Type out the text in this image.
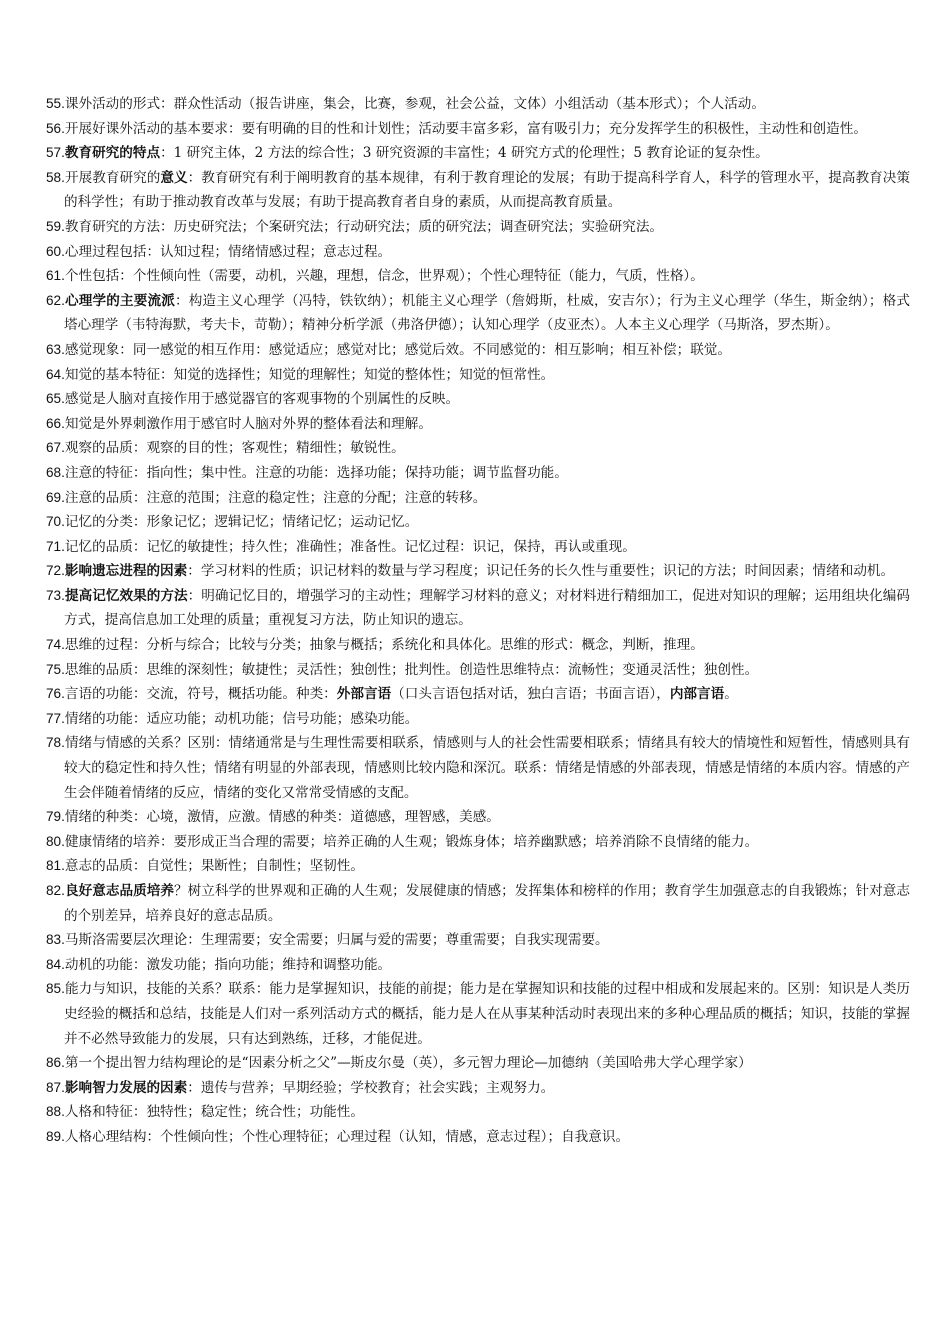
55.课外活动的形式：群众性活动（报告讲座，集会，比赛，参观，社会公益，文体）小组活动（基本形式）；个人活动。

56.开展好课外活动的基本要求：要有明确的目的性和计划性；活动要丰富多彩，富有吸引力；充分发挥学生的积极性，主动性和创造性。

57.教育研究的特点：1 研究主体，2 方法的综合性；3 研究资源的丰富性；4 研究方式的伦理性；5 教育论证的复杂性。

58.开展教育研究的意义：教育研究有利于阐明教育的基本规律，有利于教育理论的发展；有助于提高科学育人，科学的管理水平，提高教育决策的科学性；有助于推动教育改革与发展；有助于提高教育者自身的素质，从而提高教育质量。

59.教育研究的方法：历史研究法；个案研究法；行动研究法；质的研究法；调查研究法；实验研究法。

60.心理过程包括：认知过程；情绪情感过程；意志过程。

61.个性包括：个性倾向性（需要，动机，兴趣，理想，信念，世界观）；个性心理特征（能力，气质，性格）。

62.心理学的主要流派：构造主义心理学（冯特，铁钦纳）；机能主义心理学（詹姆斯，杜威，安吉尔）；行为主义心理学（华生，斯金纳）；格式塔心理学（韦特海默，考夫卡，苛勒）；精神分析学派（弗洛伊德）；认知心理学（皮亚杰）。人本主义心理学（马斯洛，罗杰斯）。

63.感觉现象：同一感觉的相互作用：感觉适应；感觉对比；感觉后效。不同感觉的：相互影响；相互补偿；联觉。

64.知觉的基本特征：知觉的选择性；知觉的理解性；知觉的整体性；知觉的恒常性。

65.感觉是人脑对直接作用于感觉器官的客观事物的个别属性的反映。

66.知觉是外界刺激作用于感官时人脑对外界的整体看法和理解。

67.观察的品质：观察的目的性；客观性；精细性；敏锐性。

68.注意的特征：指向性；集中性。注意的功能：选择功能；保持功能；调节监督功能。

69.注意的品质：注意的范围；注意的稳定性；注意的分配；注意的转移。

70.记忆的分类：形象记忆；逻辑记忆；情绪记忆；运动记忆。

71.记忆的品质：记忆的敏捷性；持久性；准确性；准备性。记忆过程：识记，保持，再认或重现。

72.影响遗忘进程的因素：学习材料的性质；识记材料的数量与学习程度；识记任务的长久性与重要性；识记的方法；时间因素；情绪和动机。

73.提高记忆效果的方法：明确记忆目的，增强学习的主动性；理解学习材料的意义；对材料进行精细加工，促进对知识的理解；运用组块化编码方式，提高信息加工处理的质量；重视复习方法，防止知识的遗忘。

74.思维的过程：分析与综合；比较与分类；抽象与概括；系统化和具体化。思维的形式：概念，判断，推理。

75.思维的品质：思维的深刻性；敏捷性；灵活性；独创性；批判性。创造性思维特点：流畅性；变通灵活性；独创性。

76.言语的功能：交流，符号，概括功能。种类：外部言语（口头言语包括对话，独白言语；书面言语），内部言语。

77.情绪的功能：适应功能；动机功能；信号功能；感染功能。

78.情绪与情感的关系？区别：情绪通常是与生理性需要相联系，情感则与人的社会性需要相联系；情绪具有较大的情境性和短暂性，情感则具有较大的稳定性和持久性；情绪有明显的外部表现，情感则比较内隐和深沉。联系：情绪是情感的外部表现，情感是情绪的本质内容。情感的产生会伴随着情绪的反应，情绪的变化又常常受情感的支配。

79.情绪的种类：心境，激情，应激。情感的种类：道德感，理智感，美感。

80.健康情绪的培养：要形成正当合理的需要；培养正确的人生观；锻炼身体；培养幽默感；培养消除不良情绪的能力。

81.意志的品质：自觉性；果断性；自制性；坚韧性。

82.良好意志品质培养？树立科学的世界观和正确的人生观；发展健康的情感；发挥集体和榜样的作用；教育学生加强意志的自我锻炼；针对意志的个别差异，培养良好的意志品质。

83.马斯洛需要层次理论：生理需要；安全需要；归属与爱的需要；尊重需要；自我实现需要。

84.动机的功能：激发功能；指向功能；维持和调整功能。

85.能力与知识，技能的关系？联系：能力是掌握知识，技能的前提；能力是在掌握知识和技能的过程中相成和发展起来的。区别：知识是人类历史经验的概括和总结，技能是人们对一系列活动方式的概括，能力是人在从事某种活动时表现出来的多种心理品质的概括；知识，技能的掌握并不必然导致能力的发展，只有达到熟练，迁移，才能促进。

86.第一个提出智力结构理论的是“因素分析之父”—斯皮尔曼（英），多元智力理论—加德纳（美国哈弗大学心理学家）

87.影响智力发展的因素：遗传与营养；早期经验；学校教育；社会实践；主观努力。

88.人格和特征：独特性；稳定性；统合性；功能性。

89.人格心理结构：个性倾向性；个性心理特征；心理过程（认知，情感，意志过程）；自我意识。
